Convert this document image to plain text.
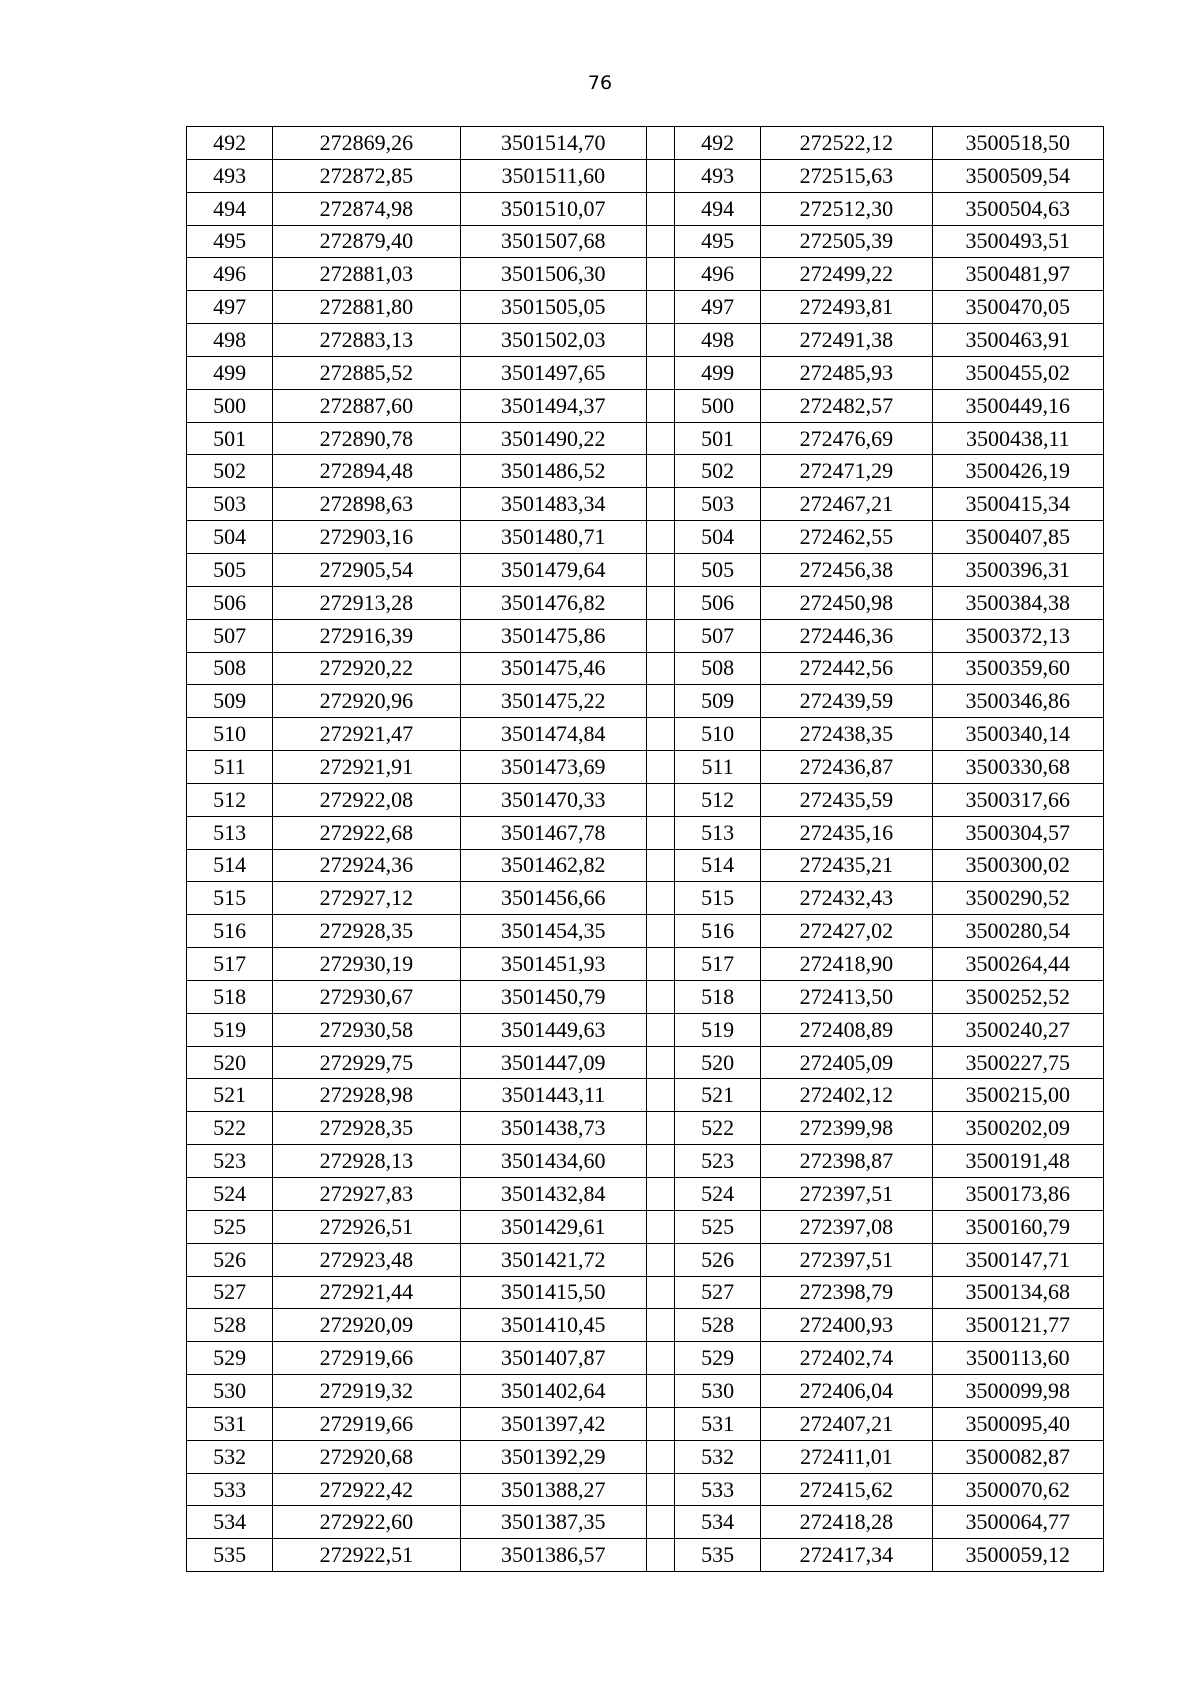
76
492	272869,26	3501514,70		492	272522,12	3500518,50
493	272872,85	3501511,60		493	272515,63	3500509,54
494	272874,98	3501510,07		494	272512,30	3500504,63
495	272879,40	3501507,68		495	272505,39	3500493,51
496	272881,03	3501506,30		496	272499,22	3500481,97
497	272881,80	3501505,05		497	272493,81	3500470,05
498	272883,13	3501502,03		498	272491,38	3500463,91
499	272885,52	3501497,65		499	272485,93	3500455,02
500	272887,60	3501494,37		500	272482,57	3500449,16
501	272890,78	3501490,22		501	272476,69	3500438,11
502	272894,48	3501486,52		502	272471,29	3500426,19
503	272898,63	3501483,34		503	272467,21	3500415,34
504	272903,16	3501480,71		504	272462,55	3500407,85
505	272905,54	3501479,64		505	272456,38	3500396,31
506	272913,28	3501476,82		506	272450,98	3500384,38
507	272916,39	3501475,86		507	272446,36	3500372,13
508	272920,22	3501475,46		508	272442,56	3500359,60
509	272920,96	3501475,22		509	272439,59	3500346,86
510	272921,47	3501474,84		510	272438,35	3500340,14
511	272921,91	3501473,69		511	272436,87	3500330,68
512	272922,08	3501470,33		512	272435,59	3500317,66
513	272922,68	3501467,78		513	272435,16	3500304,57
514	272924,36	3501462,82		514	272435,21	3500300,02
515	272927,12	3501456,66		515	272432,43	3500290,52
516	272928,35	3501454,35		516	272427,02	3500280,54
517	272930,19	3501451,93		517	272418,90	3500264,44
518	272930,67	3501450,79		518	272413,50	3500252,52
519	272930,58	3501449,63		519	272408,89	3500240,27
520	272929,75	3501447,09		520	272405,09	3500227,75
521	272928,98	3501443,11		521	272402,12	3500215,00
522	272928,35	3501438,73		522	272399,98	3500202,09
523	272928,13	3501434,60		523	272398,87	3500191,48
524	272927,83	3501432,84		524	272397,51	3500173,86
525	272926,51	3501429,61		525	272397,08	3500160,79
526	272923,48	3501421,72		526	272397,51	3500147,71
527	272921,44	3501415,50		527	272398,79	3500134,68
528	272920,09	3501410,45		528	272400,93	3500121,77
529	272919,66	3501407,87		529	272402,74	3500113,60
530	272919,32	3501402,64		530	272406,04	3500099,98
531	272919,66	3501397,42		531	272407,21	3500095,40
532	272920,68	3501392,29		532	272411,01	3500082,87
533	272922,42	3501388,27		533	272415,62	3500070,62
534	272922,60	3501387,35		534	272418,28	3500064,77
535	272922,51	3501386,57		535	272417,34	3500059,12
